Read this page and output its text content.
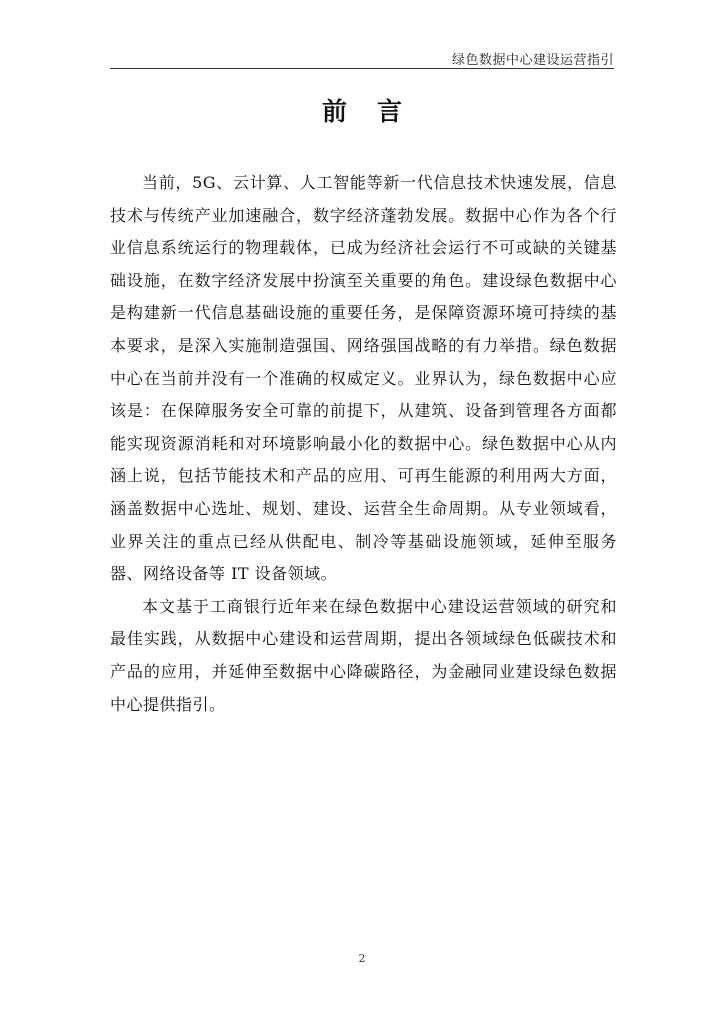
绿色数据中心建设运营指引
前言

当前，5G、云计算、人工智能等新一代信息技术快速发展，信息技术与传统产业加速融合，数字经济蓬勃发展。数据中心作为各个行业信息系统运行的物理载体，已成为经济社会运行不可或缺的关键基础设施，在数字经济发展中扮演至关重要的角色。建设绿色数据中心是构建新一代信息基础设施的重要任务，是保障资源环境可持续的基本要求，是深入实施制造强国、网络强国战略的有力举措。绿色数据中心在当前并没有一个准确的权威定义。业界认为，绿色数据中心应该是：在保障服务安全可靠的前提下，从建筑、设备到管理各方面都能实现资源消耗和对环境影响最小化的数据中心。绿色数据中心从内涵上说，包括节能技术和产品的应用、可再生能源的利用两大方面，涵盖数据中心选址、规划、建设、运营全生命周期。从专业领域看，业界关注的重点已经从供配电、制冷等基础设施领域，延伸至服务器、网络设备等 IT 设备领域。

本文基于工商银行近年来在绿色数据中心建设运营领域的研究和最佳实践，从数据中心建设和运营周期，提出各领域绿色低碳技术和产品的应用，并延伸至数据中心降碳路径，为金融同业建设绿色数据中心提供指引。

2
